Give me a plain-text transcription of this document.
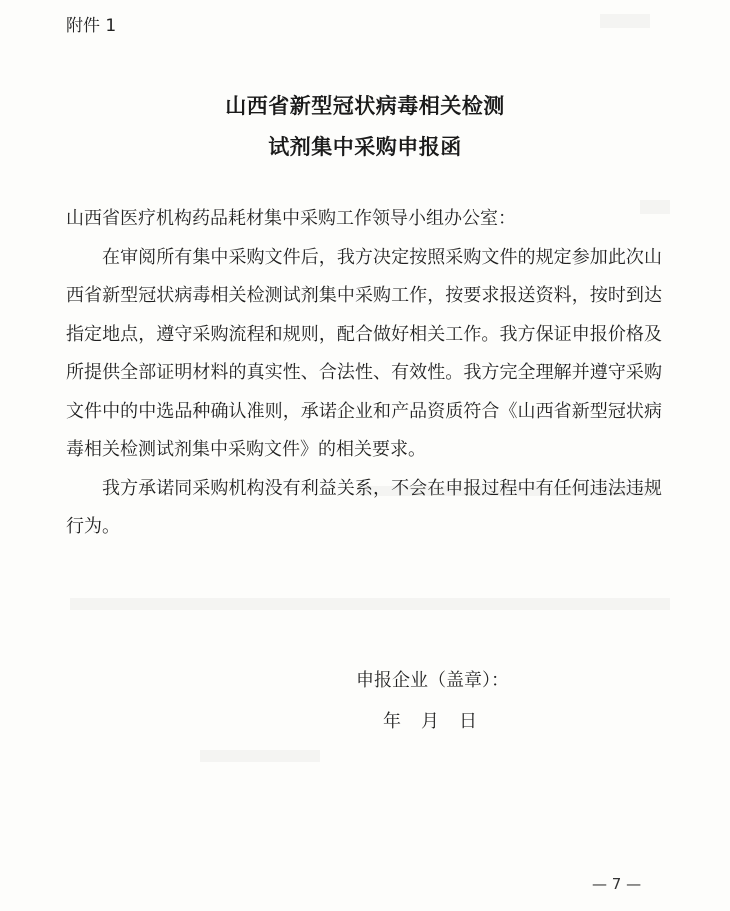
附件 1
山西省新型冠状病毒相关检测
试剂集中采购申报函

山西省医疗机构药品耗材集中采购工作领导小组办公室：

在审阅所有集中采购文件后，我方决定按照采购文件的规定参加此次山西省新型冠状病毒相关检测试剂集中采购工作，按要求报送资料，按时到达指定地点，遵守采购流程和规则，配合做好相关工作。我方保证申报价格及所提供全部证明材料的真实性、合法性、有效性。我方完全理解并遵守采购文件中的中选品种确认准则，承诺企业和产品资质符合《山西省新型冠状病毒相关检测试剂集中采购文件》的相关要求。

我方承诺同采购机构没有利益关系，不会在申报过程中有任何违法违规行为。

申报企业（盖章）：
年　月　日
— 7 —
